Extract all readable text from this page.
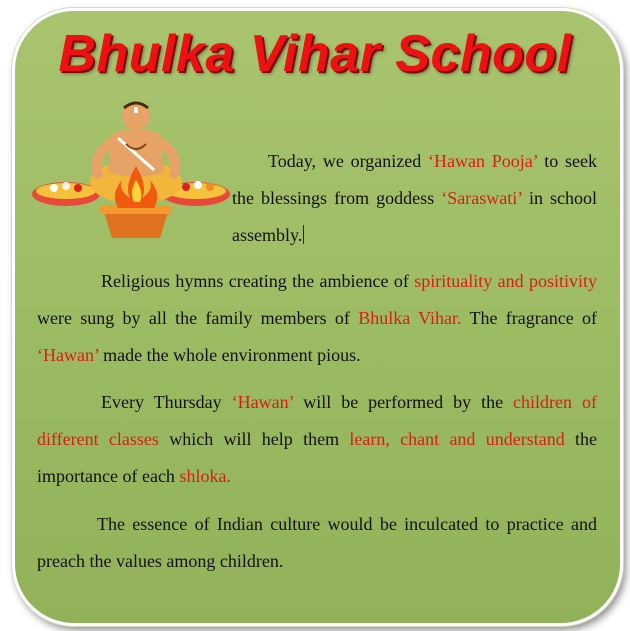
Bhulka Vihar School

Today, we organized ‘Hawan Pooja’ to seek the blessings from goddess ‘Saraswati’ in school assembly.

Religious hymns creating the ambience of spirituality and positivity were sung by all the family members of Bhulka Vihar. The fragrance of ‘Hawan’ made the whole environment pious.

Every Thursday ‘Hawan’ will be performed by the children of different classes which will help them learn, chant and understand the importance of each shloka.

The essence of Indian culture would be inculcated to practice and preach the values among children.
